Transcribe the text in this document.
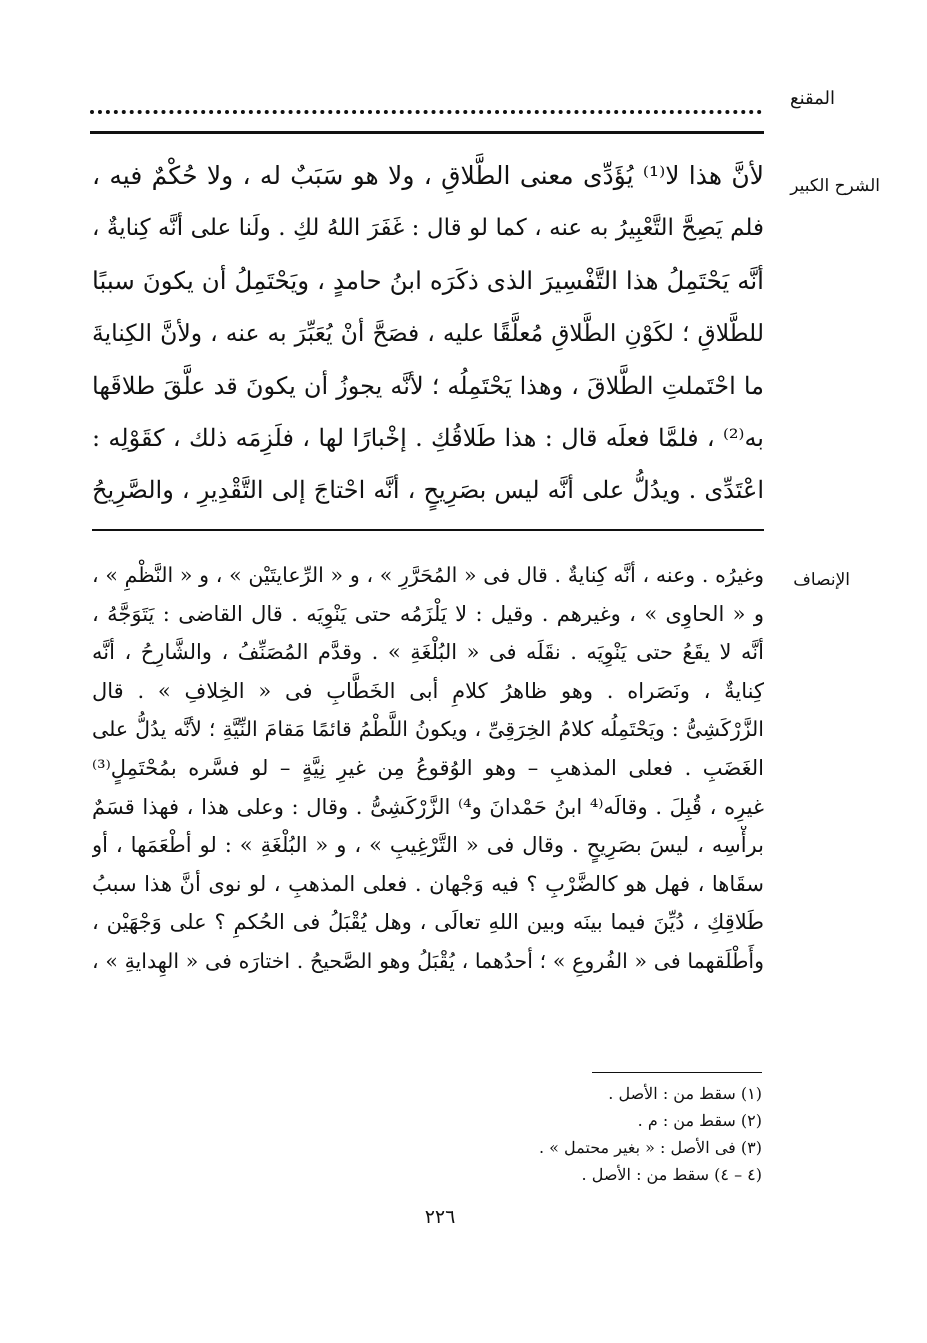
المقنع
الشرح الكبير
لأنَّ هذا لا⁽¹⁾ يُؤَدِّى معنى الطَّلاقِ ، ولا هو سَبَبٌ له ، ولا حُكْمٌ فيه ،
فلم يَصِحَّ التَّعْبِيرُ به عنه ، كما لو قال : غَفَرَ اللهُ لكِ . ولَنا على أنَّه كِنايةٌ ،
أنَّه يَحْتَمِلُ هذا التَّفْسِيرَ الذى ذكَرَه ابنُ حامدٍ ، ويَحْتَمِلُ أن يكونَ سببًا
للطَّلاقِ ؛ لكَوْنِ الطَّلاقِ مُعلَّقًا عليه ، فصَحَّ أنْ يُعَبِّرَ به عنه ، ولأنَّ الكِنايةَ
ما احْتَملتِ الطَّلاقَ ، وهذا يَحْتَمِلُه ؛ لأنَّه يجوزُ أن يكونَ قد علَّقَ طلاقَها
به⁽²⁾ ، فلمَّا فعلَه قال : هذا طَلاقُكِ . إخْبارًا لها ، فلَزِمَه ذلك ، كقَوْلِه :
اعْتَدِّى . ويدُلُّ على أنَّه ليس بصَرِيحٍ ، أنَّه احْتاجَ إلى التَّقْدِيرِ ، والصَّرِيحُ
الإنصاف
وغيرُه . وعنه ، أنَّه كِنايةٌ . قال فى « المُحَرَّرِ » ، و « الرِّعايتَيْن » ، و « النَّظْمِ » ،
و « الحاوِى » ، وغيرهم . وقيل : لا يَلْزَمُه حتى يَنْوِيَه . قال القاضى : يَتَوَجَّهُ ،
أنَّه لا يقَعُ حتى يَنْوِيَه . نقَلَه فى « البُلْغَةِ » . وقدَّم المُصَنِّفُ ، والشَّارِحُ ، أنَّه
كِنايةٌ ، ونَصَراه . وهو ظاهرُ كلامِ أبى الخَطَّابِ فى « الخِلافِ » . قال
الزَّرْكَشِىُّ : ويَحْتَمِلُه كلامُ الخِرَقِىِّ ، ويكونُ اللَّطْمُ قائمًا مَقامَ النِّيَّةِ ؛ لأنَّه يدُلُّ على
الغَضَبِ . فعلى المذهبِ – وهو الوُقوعُ مِن غيرِ نِيَّةٍ – لو فسَّره بمُحْتَمِلٍ⁽³⁾
غيرِه ، قُبِلَ . وقالَه⁽⁴ ابنُ حَمْدانَ و⁴⁾ الزَّرْكَشِىُّ . وقال : وعلى هذا ، فهذا قسَمٌ
برأْسِه ، ليسَ بصَرِيحٍ . وقال فى « التَّرْغِيبِ » ، و « البُلْغَةِ » : لو أطْعَمَها ، أو
سقَاها ، فهل هو كالضَّرْبِ ؟ فيه وَجْهان . فعلى المذهبِ ، لو نوى أنَّ هذا سببُ
طَلاقِكِ ، دُيِّنَ فيما بينَه وبين اللهِ تعالَى ، وهل يُقْبَلُ فى الحُكمِ ؟ على وَجْهَيْن ،
وأَطْلَقهما فى « الفُروعِ » ؛ أحدُهما ، يُقْبَلُ وهو الصَّحيحُ . اختارَه فى « الهِدايةِ » ،
(١) سقط من : الأصل .
(٢) سقط من : م .
(٣) فى الأصل : « بغير محتمل » .
(٤ – ٤) سقط من : الأصل .
٢٢٦
